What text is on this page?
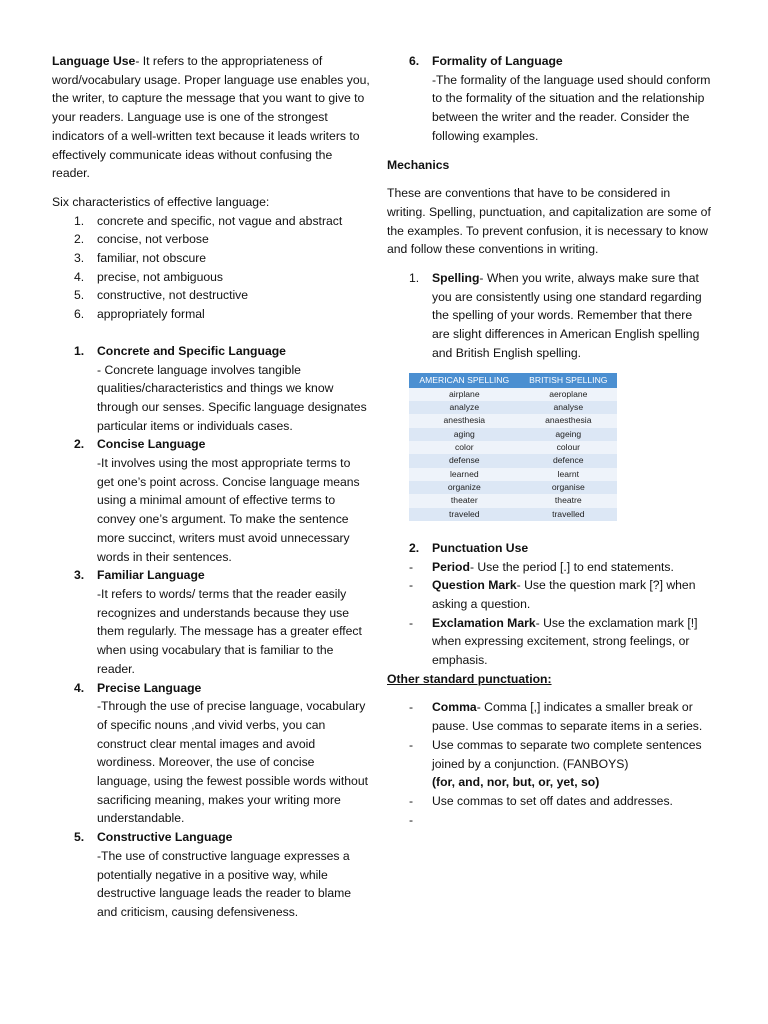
Language Use- It refers to the appropriateness of word/vocabulary usage. Proper language use enables you, the writer, to capture the message that you want to give to your readers. Language use is one of the strongest indicators of a well-written text because it leads writers to effectively communicate ideas without confusing the reader.

Six characteristics of effective language:

1. concrete and specific, not vague and abstract
2. concise, not verbose
3. familiar, not obscure
4. precise, not ambiguous
5. constructive, not destructive
6. appropriately formal
1. Concrete and Specific Language

- Concrete language involves tangible qualities/characteristics and things we know through our senses. Specific language designates particular items or individuals cases.

2. Concise Language

-It involves using the most appropriate terms to get one’s point across. Concise language means using a minimal amount of effective terms to convey one’s argument. To make the sentence more succinct, writers must avoid unnecessary words in their sentences.

3. Familiar Language

-It refers to words/ terms that the reader easily recognizes and understands because they use them regularly. The message has a greater effect when using vocabulary that is familiar to the reader.

4. Precise Language

-Through the use of precise language, vocabulary of specific nouns ,and vivid verbs, you can construct clear mental images and avoid wordiness. Moreover, the use of concise language, using the fewest possible words without sacrificing meaning, makes your writing more understandable.

5. Constructive Language

-The use of constructive language expresses a potentially negative in a positive way, while destructive language leads the reader to blame and criticism, causing defensiveness.

6. Formality of Language

-The formality of the language used should conform to the formality of the situation and the relationship between the writer and the reader. Consider the following examples.

Mechanics

These are conventions that have to be considered in writing. Spelling, punctuation, and capitalization are some of the examples. To prevent confusion, it is necessary to know and follow these conventions in writing.

1. Spelling- When you write, always make sure that you are consistently using one standard regarding the spelling of your words. Remember that there are slight differences in American English spelling and British English spelling.

AMERICAN SPELLING	BRITISH SPELLING
airplane	aeroplane
analyze	analyse
anesthesia	anaesthesia
aging	ageing
color	colour
defense	defence
learned	learnt
organize	organise
theater	theatre
traveled	travelled
2. Punctuation Use
- Period- Use the period [.] to end statements.

- Question Mark- Use the question mark [?] when asking a question.

- Exclamation Mark- Use the exclamation mark [!] when expressing excitement, strong feelings, or emphasis.

Other standard punctuation:

- Comma- Comma [,] indicates a smaller break or pause. Use commas to separate items in a series.

- Use commas to separate two complete sentences joined by a conjunction. (FANBOYS)
(for, and, nor, but, or, yet, so)

- Use commas to set off dates and addresses.

-
